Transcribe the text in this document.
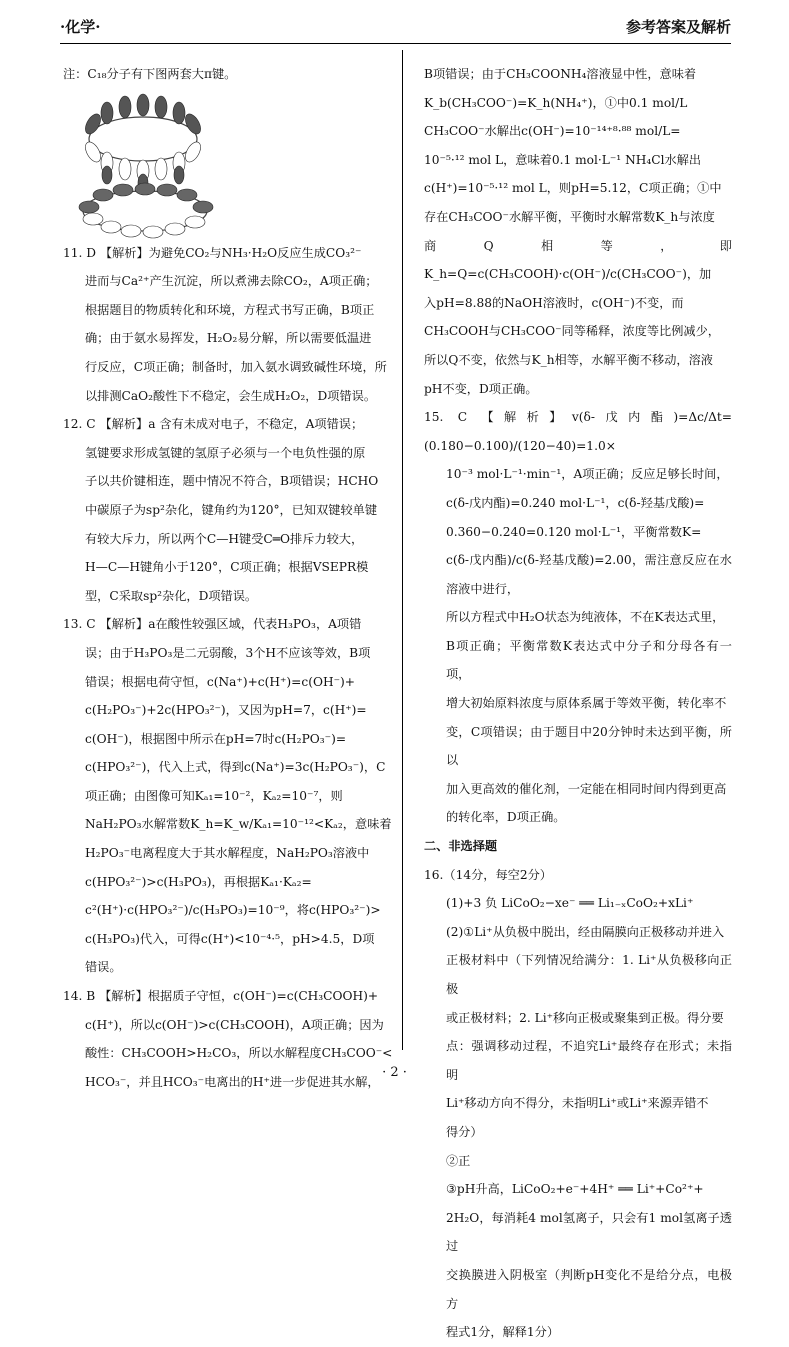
·化学·	参考答案及解析

注：C₁₈分子有下图两套大π键。

11. D 【解析】为避免CO₂与NH₃·H₂O反应生成CO₃²⁻

进而与Ca²⁺产生沉淀，所以煮沸去除CO₂，A项正确；

根据题目的物质转化和环境，方程式书写正确，B项正

确；由于氨水易挥发，H₂O₂易分解，所以需要低温进

行反应，C项正确；制备时，加入氨水调致碱性环境，所

以排测CaO₂酸性下不稳定，会生成H₂O₂，D项错误。

12. C 【解析】a 含有未成对电子，不稳定，A项错误；

氢键要求形成氢键的氢原子必须与一个电负性强的原

子以共价键相连，题中情况不符合，B项错误；HCHO

中碳原子为sp²杂化，键角约为120°，已知双键较单键

有较大斥力，所以两个C—H键受C═O排斥力较大，

H—C—H键角小于120°，C项正确；根据VSEPR模

型，C采取sp²杂化，D项错误。

13. C 【解析】a在酸性较强区域，代表H₃PO₃，A项错

误；由于H₃PO₃是二元弱酸，3个H不应该等效，B项

错误；根据电荷守恒，c(Na⁺)+c(H⁺)=c(OH⁻)+

c(H₂PO₃⁻)+2c(HPO₃²⁻)，又因为pH=7，c(H⁺)=

c(OH⁻)，根据图中所示在pH=7时c(H₂PO₃⁻)=

c(HPO₃²⁻)，代入上式，得到c(Na⁺)=3c(H₂PO₃⁻)，C

项正确；由图像可知Kₐ₁=10⁻²，Kₐ₂=10⁻⁷，则

NaH₂PO₃水解常数K_h=K_w/Kₐ₁=10⁻¹²<Kₐ₂，意味着

H₂PO₃⁻电离程度大于其水解程度，NaH₂PO₃溶液中

c(HPO₃²⁻)>c(H₃PO₃)，再根据Kₐ₁·Kₐ₂=

c²(H⁺)·c(HPO₃²⁻)/c(H₃PO₃)=10⁻⁹，将c(HPO₃²⁻)>

c(H₃PO₃)代入，可得c(H⁺)<10⁻⁴·⁵，pH>4.5，D项

错误。

14. B 【解析】根据质子守恒，c(OH⁻)=c(CH₃COOH)+

c(H⁺)，所以c(OH⁻)>c(CH₃COOH)，A项正确；因为

酸性：CH₃COOH>H₂CO₃，所以水解程度CH₃COO⁻<

HCO₃⁻，并且HCO₃⁻电离出的H⁺进一步促进其水解，

B项错误；由于CH₃COONH₄溶液显中性，意味着

K_b(CH₃COO⁻)=K_h(NH₄⁺)，①中0.1 mol/L

CH₃COO⁻水解出c(OH⁻)=10⁻¹⁴⁺⁸·⁸⁸ mol/L=

10⁻⁵·¹² mol L，意味着0.1 mol·L⁻¹ NH₄Cl水解出

c(H⁺)=10⁻⁵·¹² mol L，则pH=5.12，C项正确；①中

存在CH₃COO⁻水解平衡，平衡时水解常数K_h与浓度

商Q相等，即K_h=Q=c(CH₃COOH)·c(OH⁻)/c(CH₃COO⁻)，加

入pH=8.88的NaOH溶液时，c(OH⁻)不变，而

CH₃COOH与CH₃COO⁻同等稀释，浓度等比例减少，

所以Q不变，依然与K_h相等，水解平衡不移动，溶液

pH不变，D项正确。

15. C 【解析】v(δ-戊内酯)=Δc/Δt=(0.180−0.100)/(120−40)=1.0×

10⁻³ mol·L⁻¹·min⁻¹，A项正确；反应足够长时间，

c(δ-戊内酯)=0.240 mol·L⁻¹，c(δ-羟基戊酸)=

0.360−0.240=0.120 mol·L⁻¹，平衡常数K=

c(δ-戊内酯)/c(δ-羟基戊酸)=2.00，需注意反应在水溶液中进行，

所以方程式中H₂O状态为纯液体，不在K表达式里，

B项正确；平衡常数K表达式中分子和分母各有一项，

增大初始原料浓度与原体系属于等效平衡，转化率不

变，C项错误；由于题目中20分钟时未达到平衡，所以

加入更高效的催化剂，一定能在相同时间内得到更高

的转化率，D项正确。

二、非选择题

16.（14分，每空2分）

(1)+3 负 LiCoO₂−xe⁻ ══ Li₁₋ₓCoO₂+xLi⁺

(2)①Li⁺从负极中脱出，经由隔膜向正极移动并进入

正极材料中（下列情况给满分：1. Li⁺从负极移向正极

或正极材料；2. Li⁺移向正极或聚集到正极。得分要

点：强调移动过程，不追究Li⁺最终存在形式；未指明

Li⁺移动方向不得分，未指明Li⁺或Li⁺来源弄错不

得分）

②正

③pH升高，LiCoO₂+e⁻+4H⁺ ══ Li⁺+Co²⁺+

2H₂O，每消耗4 mol氢离子，只会有1 mol氢离子透过

交换膜进入阴极室（判断pH变化不是给分点，电极方

程式1分，解释1分）

· 2 ·
